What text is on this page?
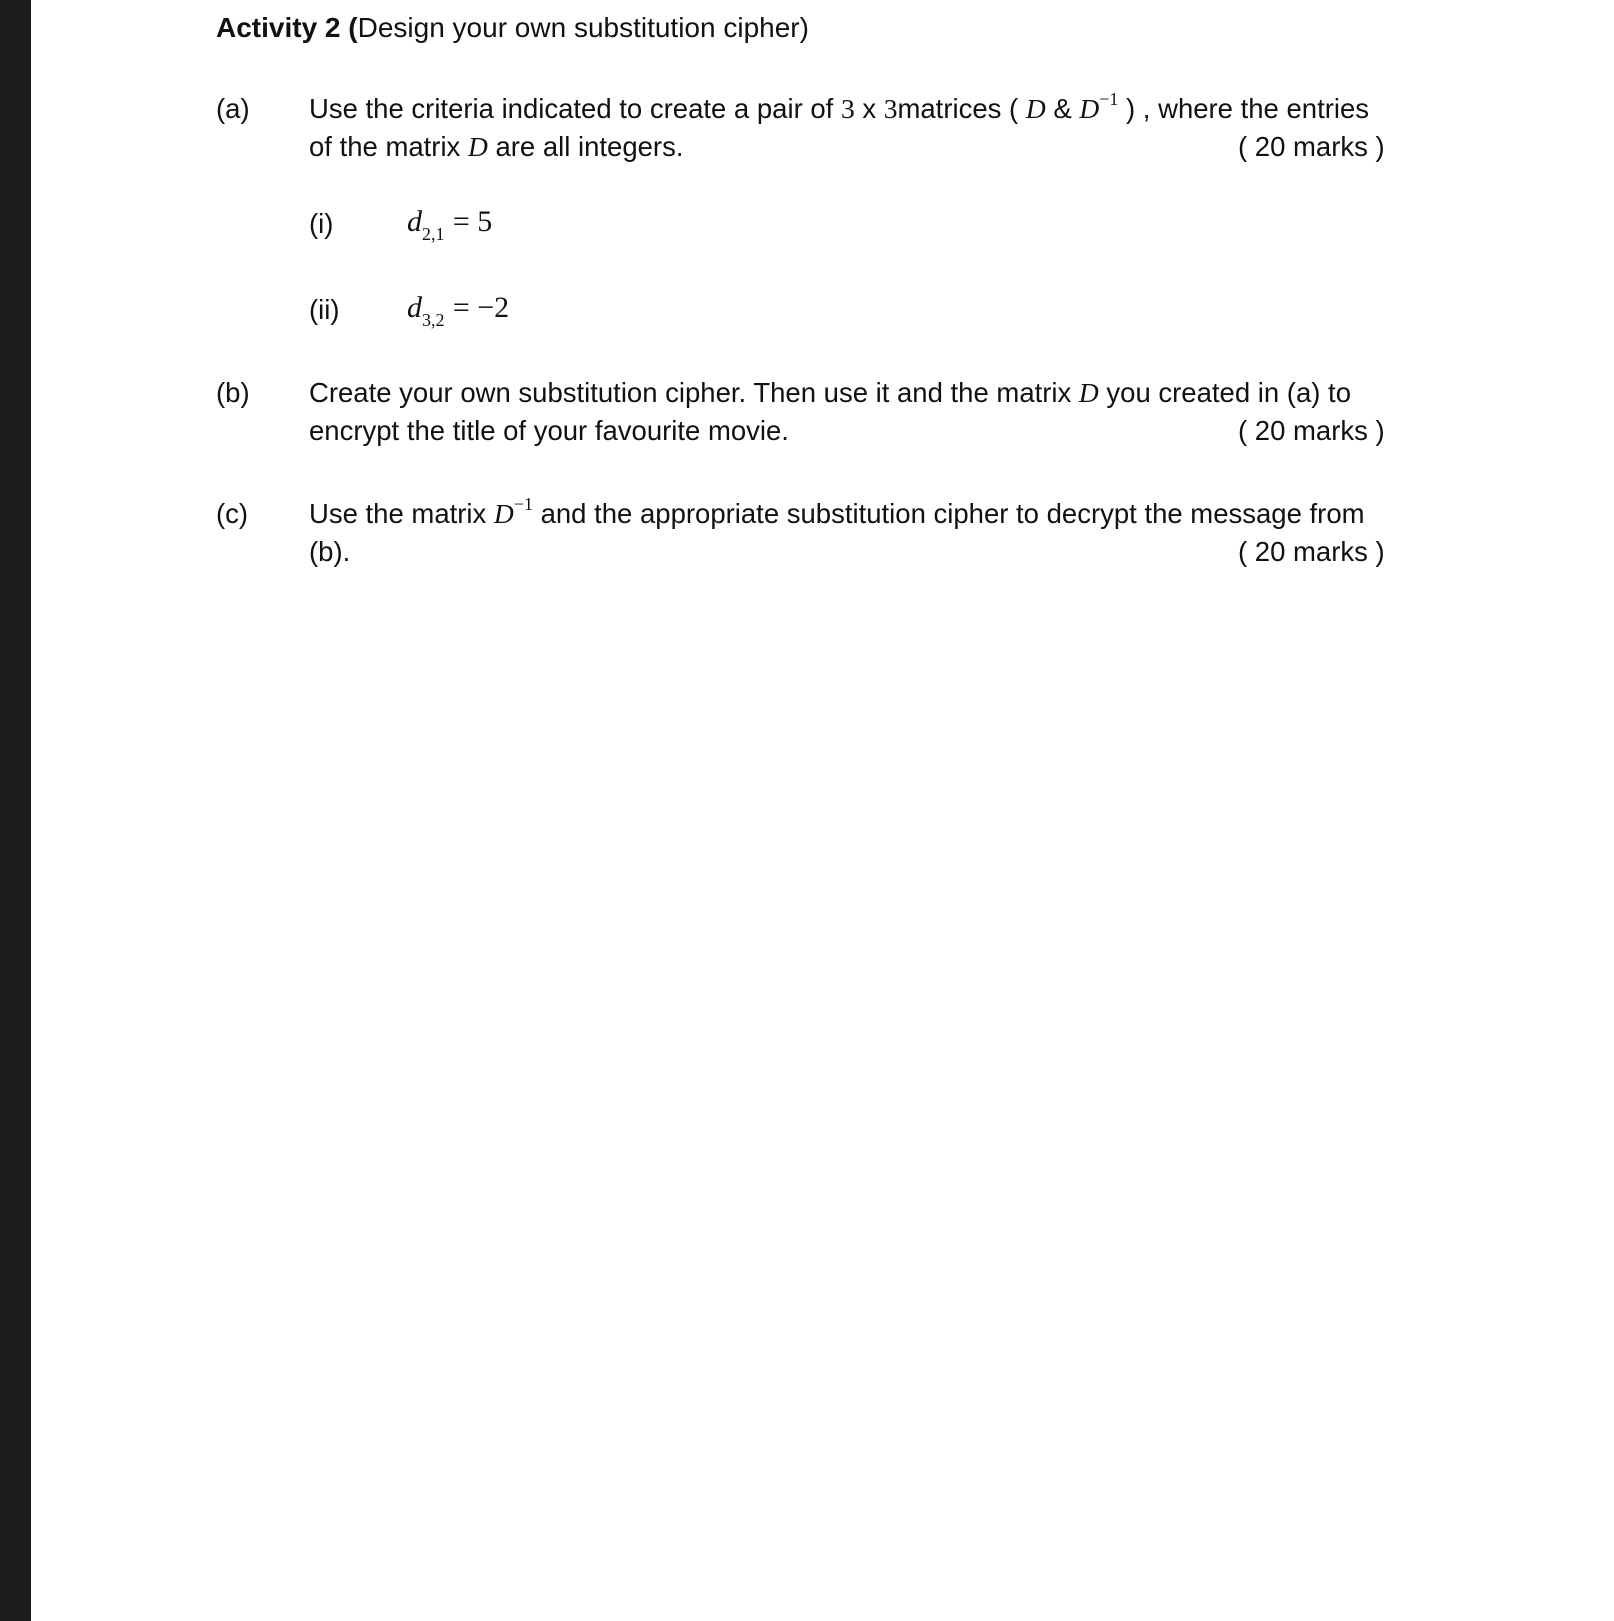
Activity 2 (Design your own substitution cipher)
(a) Use the criteria indicated to create a pair of 3 x 3matrices ( D & $D^{-1}$ ) , where the entries
of the matrix D are all integers.	( 20 marks )
(i) $d_{2,1} = 5$
(ii) $d_{3,2} = -2$
(b) Create your own substitution cipher. Then use it and the matrix D you created in (a) to
encrypt the title of your favourite movie.	( 20 marks )
(c) Use the matrix $D^{-1}$ and the appropriate substitution cipher to decrypt the message from
(b).	( 20 marks )
